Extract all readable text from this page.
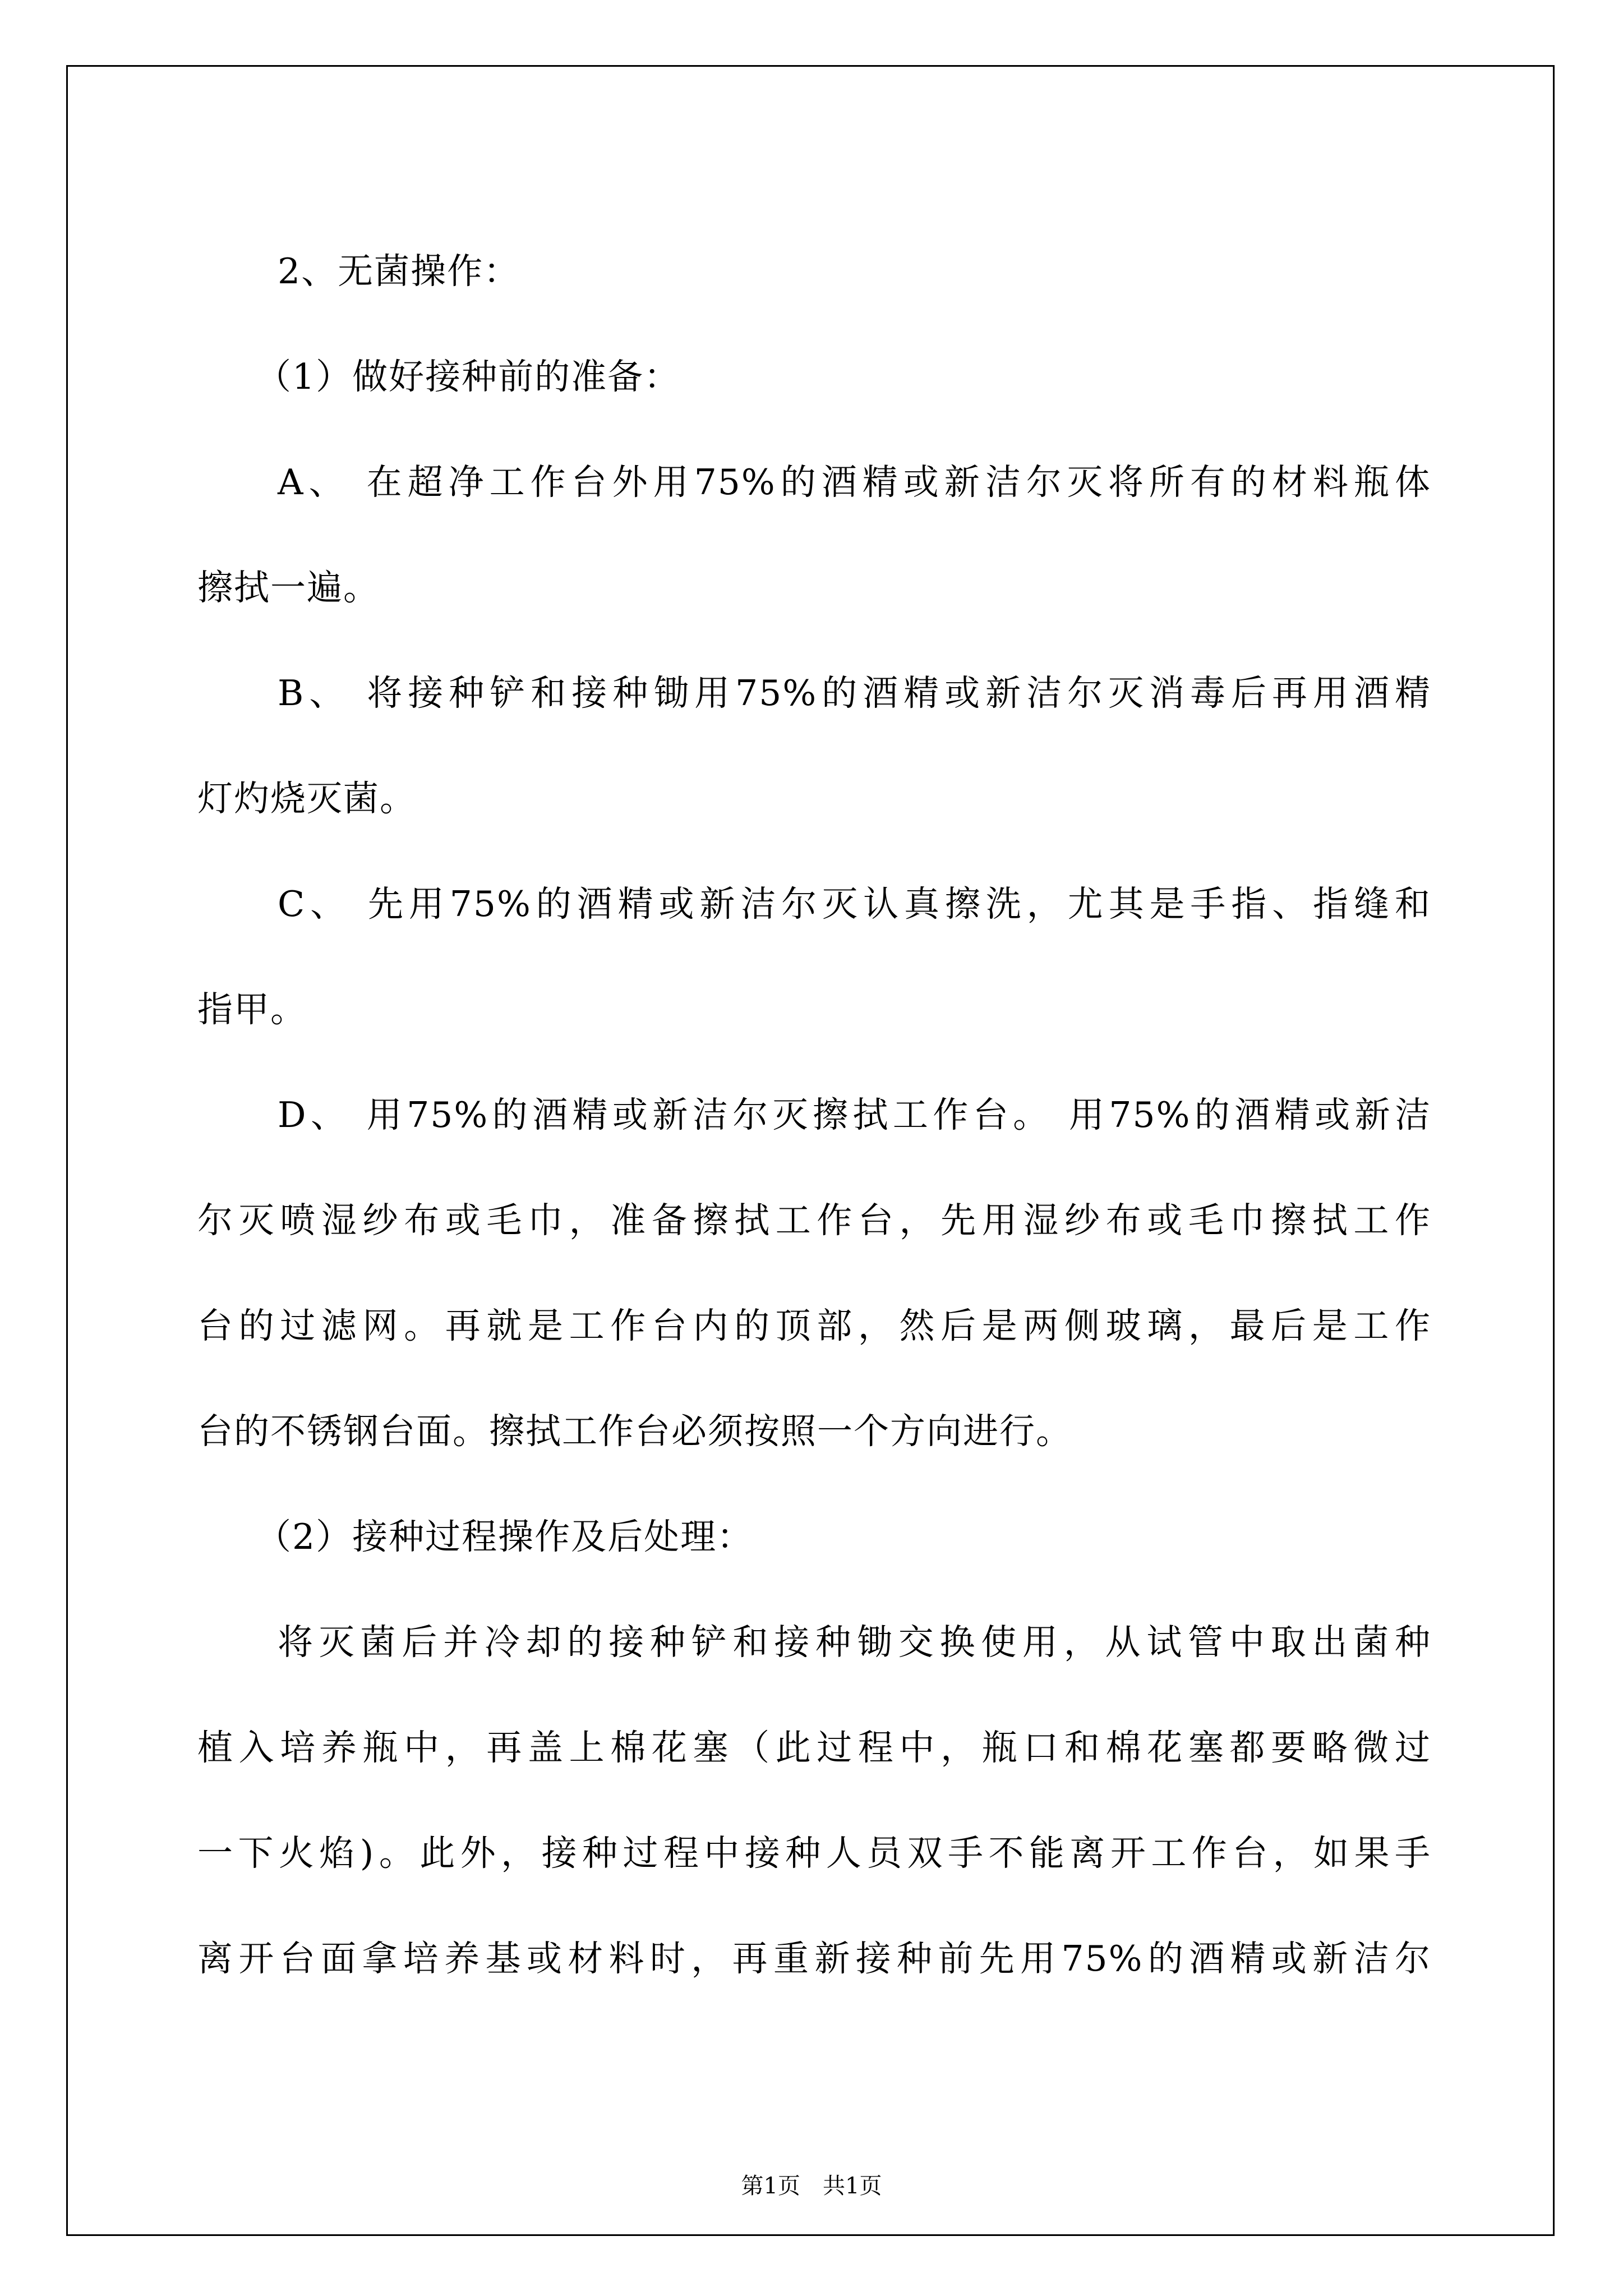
2、无菌操作：
（1）做好接种前的准备：
A、 在超净工作台外用75%的酒精或新洁尔灭将所有的材料瓶体
擦拭一遍。
B、 将接种铲和接种锄用75%的酒精或新洁尔灭消毒后再用酒精
灯灼烧灭菌。
C、 先用75%的酒精或新洁尔灭认真擦洗，尤其是手指、指缝和
指甲。
D、 用75%的酒精或新洁尔灭擦拭工作台。 用75%的酒精或新洁
尔灭喷湿纱布或毛巾，准备擦拭工作台，先用湿纱布或毛巾擦拭工作
台的过滤网。再就是工作台内的顶部，然后是两侧玻璃，最后是工作
台的不锈钢台面。擦拭工作台必须按照一个方向进行。
（2）接种过程操作及后处理：
将灭菌后并冷却的接种铲和接种锄交换使用，从试管中取出菌种
植入培养瓶中，再盖上棉花塞（此过程中，瓶口和棉花塞都要略微过
一下火焰)。此外，接种过程中接种人员双手不能离开工作台，如果手
离开台面拿培养基或材料时，再重新接种前先用75%的酒精或新洁尔
第1页　共1页
